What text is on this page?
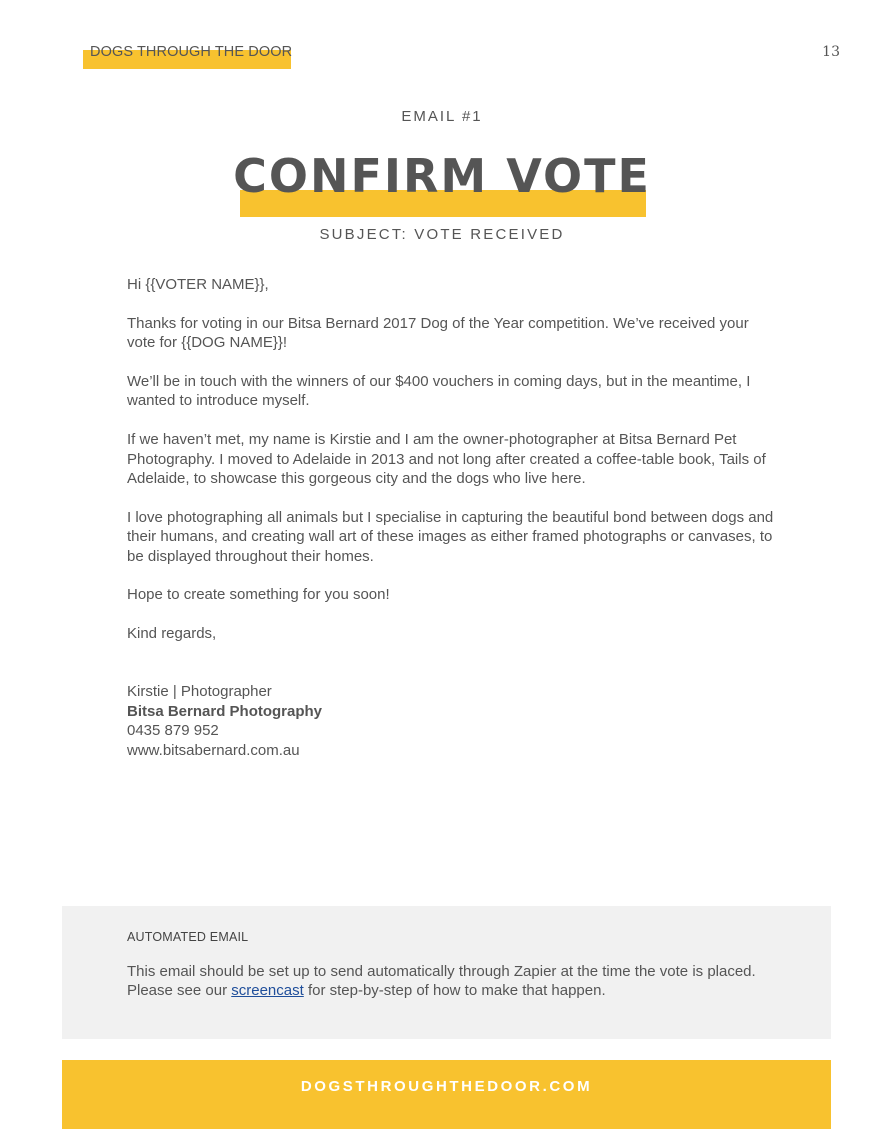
DOGS THROUGH THE DOOR	13
EMAIL #1
CONFIRM VOTE
SUBJECT: VOTE RECEIVED

Hi {{VOTER NAME}},

Thanks for voting in our Bitsa Bernard 2017 Dog of the Year competition. We’ve received your vote for {{DOG NAME}}!

We’ll be in touch with the winners of our $400 vouchers in coming days, but in the meantime, I wanted to introduce myself.

If we haven’t met, my name is Kirstie and I am the owner-photographer at Bitsa Bernard Pet Photography. I moved to Adelaide in 2013 and not long after created a coffee-table book, Tails of Adelaide, to showcase this gorgeous city and the dogs who live here.

I love photographing all animals but I specialise in capturing the beautiful bond between dogs and their humans, and creating wall art of these images as either framed photographs or canvases, to be displayed throughout their homes.

Hope to create something for you soon!

Kind regards,

Kirstie | Photographer
Bitsa Bernard Photography
0435 879 952
www.bitsabernard.com.au
AUTOMATED EMAIL
This email should be set up to send automatically through Zapier at the time the vote is placed. Please see our screencast for step-by-step of how to make that happen.
DOGSTHROUGHTHEDOOR.COM
